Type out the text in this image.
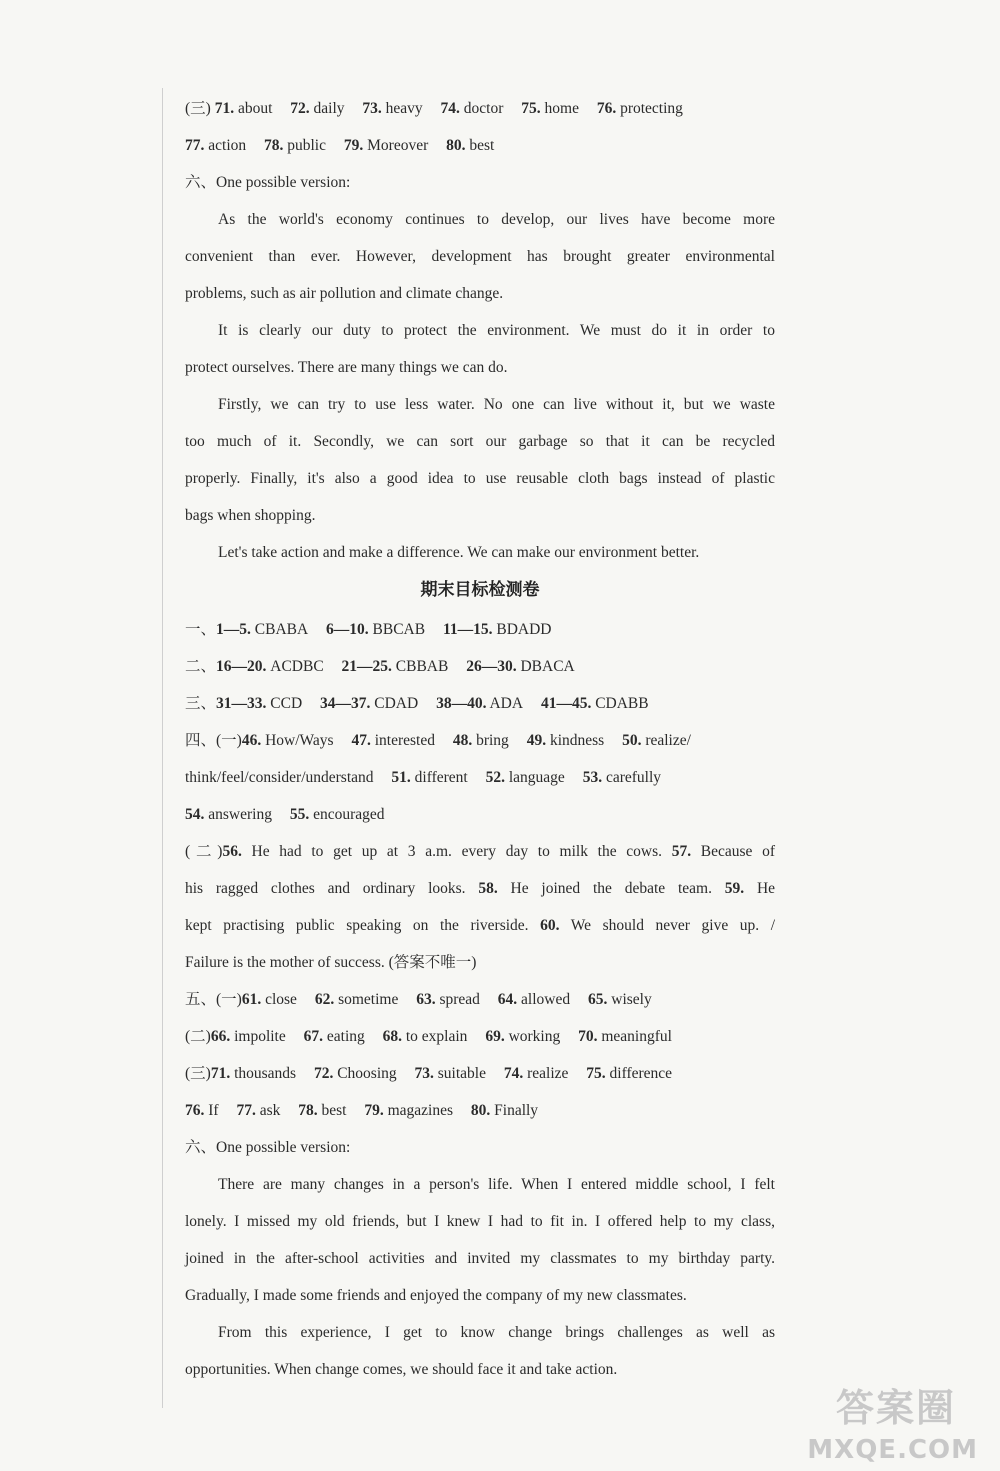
(三) 71. about 72. daily 73. heavy 74. doctor 75. home 76. protecting
77. action 78. public 79. Moreover 80. best
六、One possible version:
As the world's economy continues to develop, our lives have become more
convenient than ever. However, development has brought greater environmental
problems, such as air pollution and climate change.
It is clearly our duty to protect the environment. We must do it in order to
protect ourselves. There are many things we can do.
Firstly, we can try to use less water. No one can live without it, but we waste
too much of it. Secondly, we can sort our garbage so that it can be recycled
properly. Finally, it's also a good idea to use reusable cloth bags instead of plastic
bags when shopping.
Let's take action and make a difference. We can make our environment better.
期末目标检测卷
一、1—5. CBABA 6—10. BBCAB 11—15. BDADD
二、16—20. ACDBC 21—25. CBBAB 26—30. DBACA
三、31—33. CCD 34—37. CDAD 38—40. ADA 41—45. CDABB
四、(一)46. How/Ways 47. interested 48. bring 49. kindness 50. realize/
think/feel/consider/understand 51. different 52. language 53. carefully
54. answering 55. encouraged
(二)56. He had to get up at 3 a.m. every day to milk the cows. 57. Because of
his ragged clothes and ordinary looks. 58. He joined the debate team. 59. He
kept practising public speaking on the riverside. 60. We should never give up. /
Failure is the mother of success. (答案不唯一)
五、(一)61. close 62. sometime 63. spread 64. allowed 65. wisely
(二)66. impolite 67. eating 68. to explain 69. working 70. meaningful
(三)71. thousands 72. Choosing 73. suitable 74. realize 75. difference
76. If 77. ask 78. best 79. magazines 80. Finally
六、One possible version:
There are many changes in a person's life. When I entered middle school, I felt
lonely. I missed my old friends, but I knew I had to fit in. I offered help to my class,
joined in the after-school activities and invited my classmates to my birthday party.
Gradually, I made some friends and enjoyed the company of my new classmates.
From this experience, I get to know change brings challenges as well as
opportunities. When change comes, we should face it and take action.
答案圈
MXQE.COM
